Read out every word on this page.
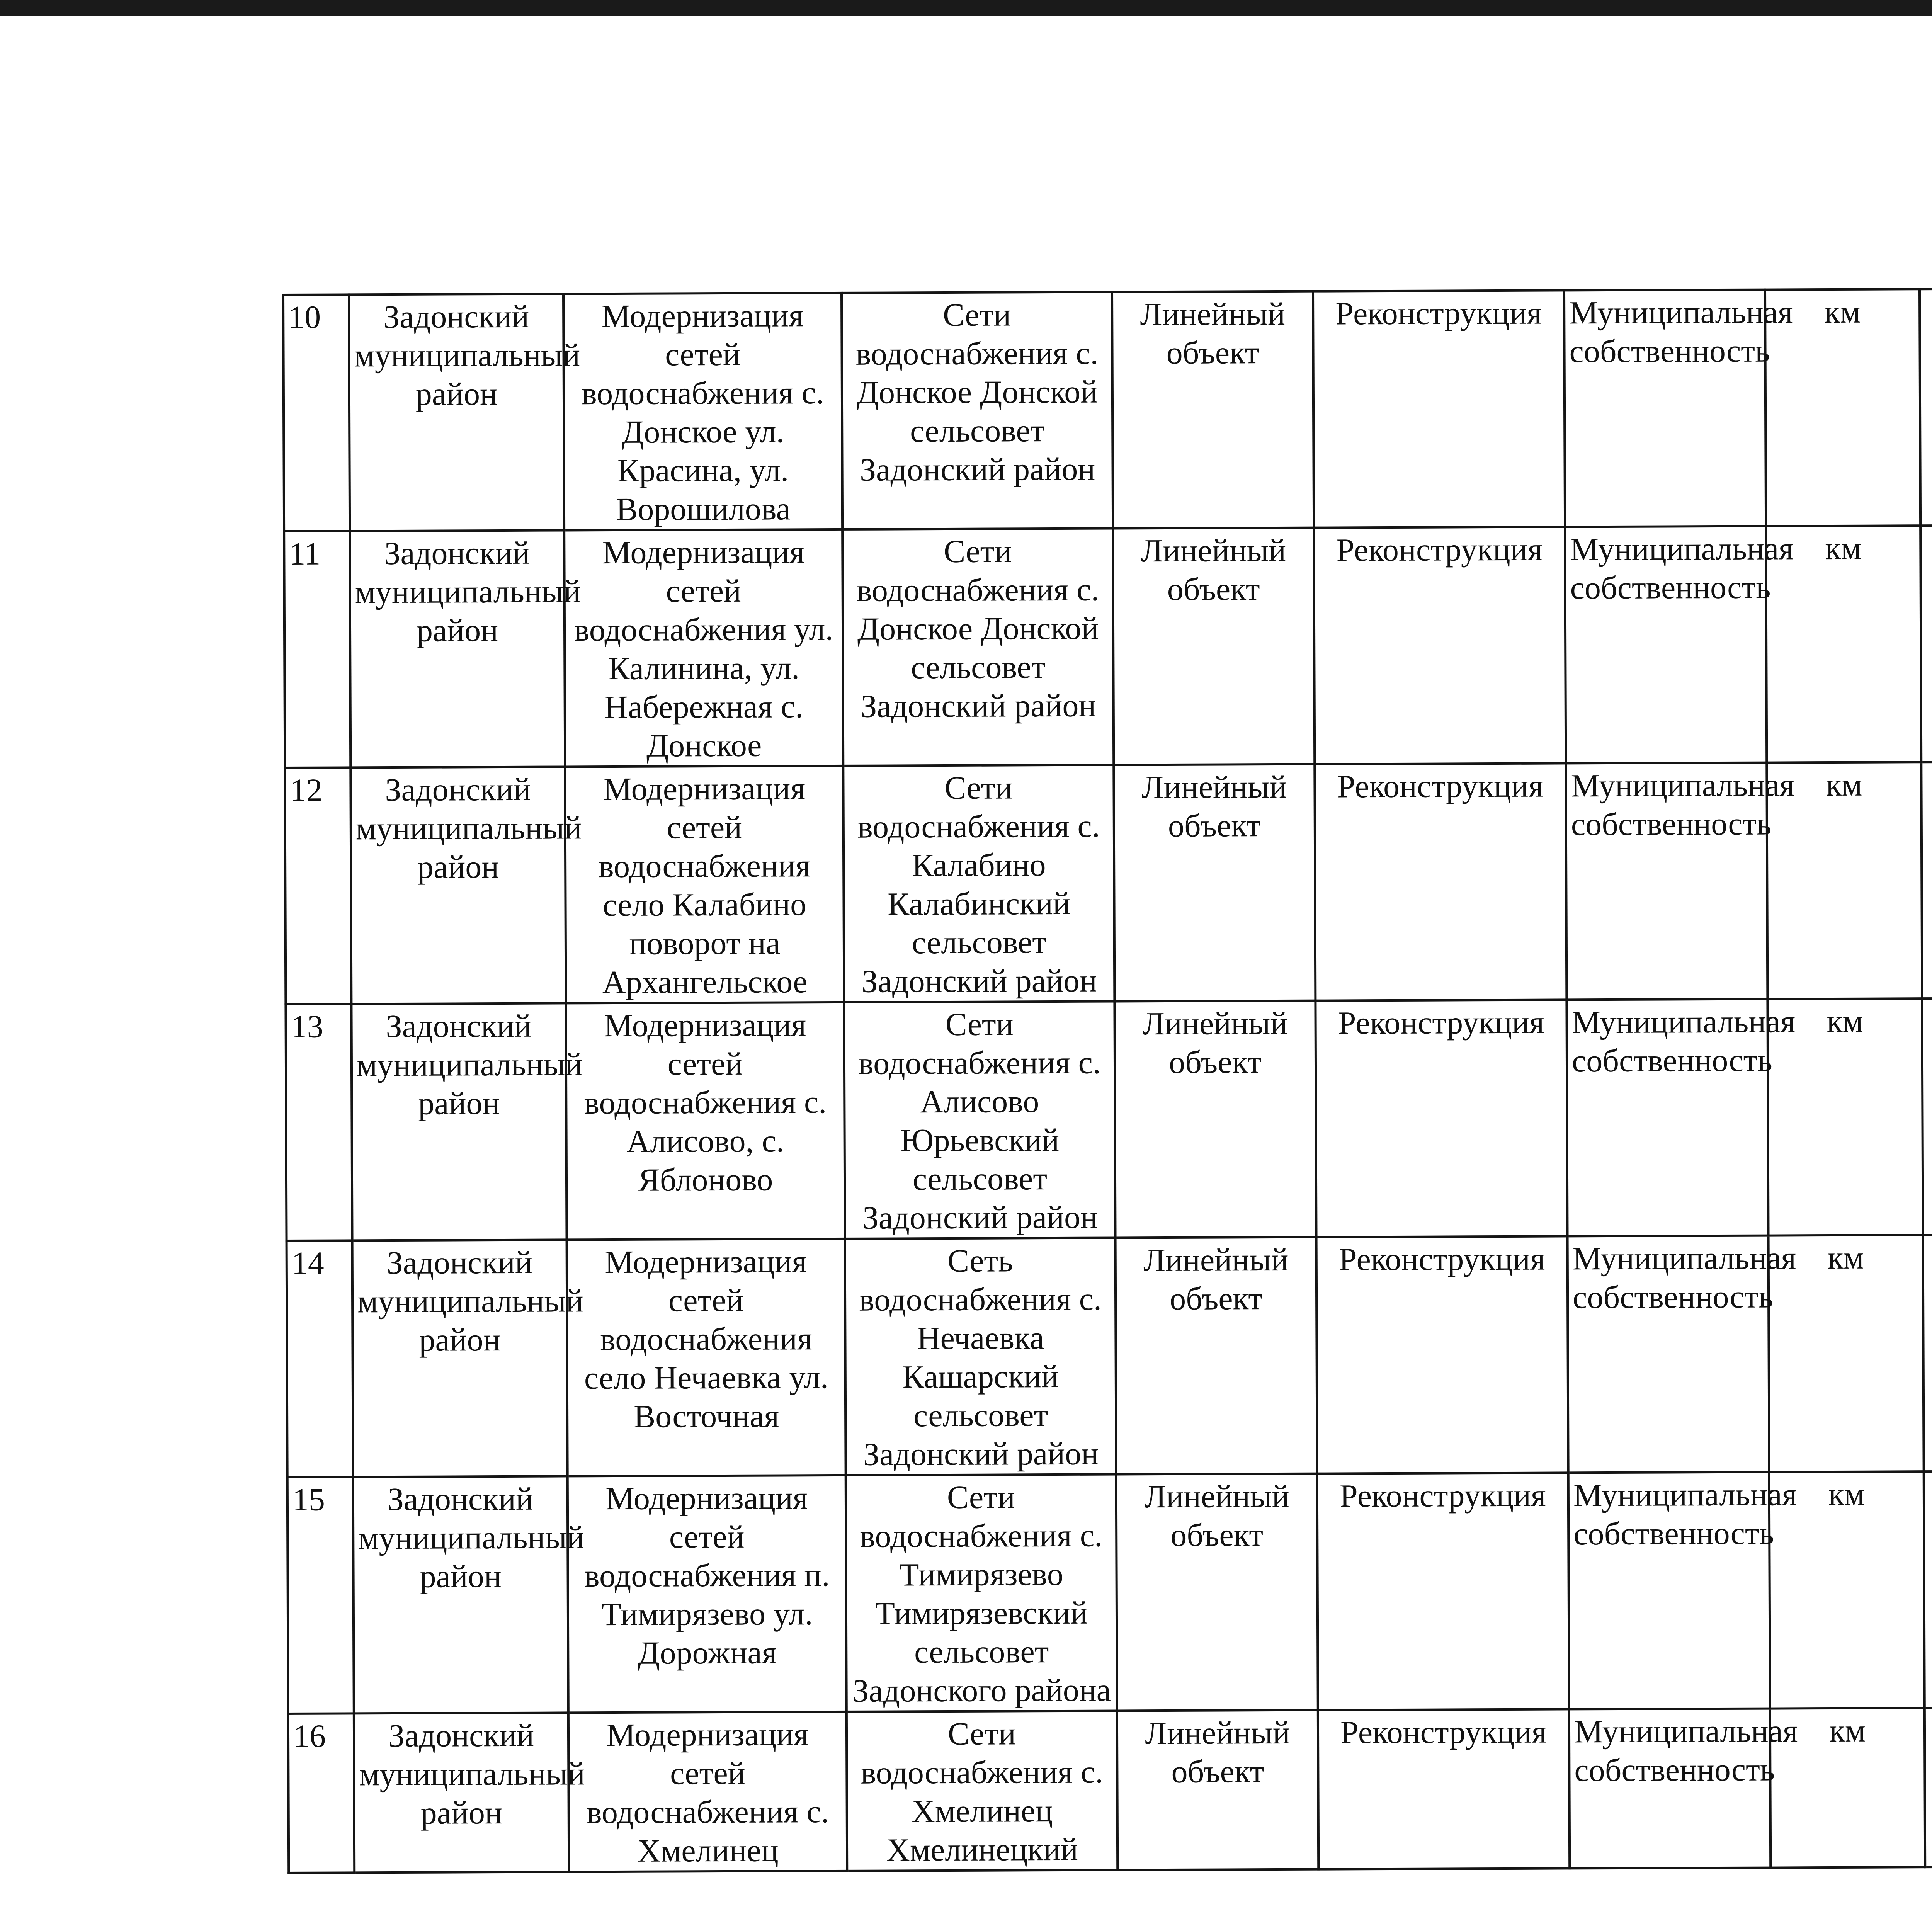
10	Задонский муниципальный район	Модернизация сетей водоснабжения с. Донское ул. Красина, ул. Ворошилова	Сети водоснабжения с. Донское Донской сельсовет Задонский район	Линейный объект	Реконструкция	Муниципальная собственность	км				
11	Задонский муниципальный район	Модернизация сетей водоснабжения ул. Калинина, ул. Набережная с. Донское	Сети водоснабжения с. Донское Донской сельсовет Задонский район	Линейный объект	Реконструкция	Муниципальная собственность	км				
12	Задонский муниципальный район	Модернизация сетей водоснабжения село Калабино поворот на Архангельское	Сети водоснабжения с. Калабино Калабинский сельсовет Задонский район	Линейный объект	Реконструкция	Муниципальная собственность	км				
13	Задонский муниципальный район	Модернизация сетей водоснабжения с. Алисово, с. Яблоново	Сети водоснабжения с. Алисово Юрьевский сельсовет Задонский район	Линейный объект	Реконструкция	Муниципальная собственность	км				
14	Задонский муниципальный район	Модернизация сетей водоснабжения село Нечаевка ул. Восточная	Сеть водоснабжения с. Нечаевка Кашарский сельсовет Задонский район	Линейный объект	Реконструкция	Муниципальная собственность	км				
15	Задонский муниципальный район	Модернизация сетей водоснабжения п. Тимирязево ул. Дорожная	Сети водоснабжения с. Тимирязево Тимирязевский сельсовет Задонского района	Линейный объект	Реконструкция	Муниципальная собственность	км				
16	Задонский муниципальный район	Модернизация сетей водоснабжения с. Хмелинец	Сети водоснабжения с. Хмелинец Хмелинецкий	Линейный объект	Реконструкция	Муниципальная собственность	км				
